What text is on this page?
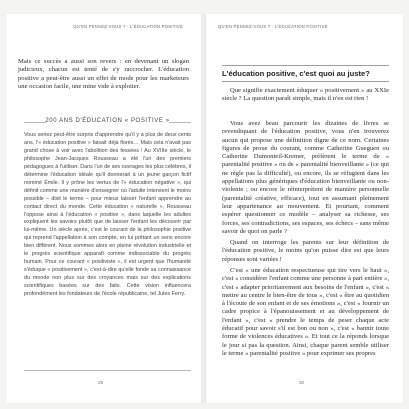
QU'EN PENSEZ-VOUS ? · L'ÉDUCATION POSITIVE

Mais ce succès a aussi son revers : en devenant un slogan judicieux, chacun est tenté de s'y raccrocher. L'éducation positive a peut-être aussi un effet de mode pour les marketeurs une occasion facile, une mine vide à exploiter.

200 ANS D'ÉDUCATION « POSITIVE »

Vous seriez peut-être surpris d'apprendre qu'il y a plus de deux cents ans, l'« éducation positive » faisait déjà florès… Mais cela n'avait pas grand chose à voir avec l'abolition des fessées ! Au XVIIIe siècle, le philosophe Jean-Jacques Rousseau a été l'un des premiers pédagogues à l'utiliser. Dans l'un de ses ouvrages les plus célèbres, il détermine l'éducation idéale qu'il donnerait à un jeune garçon fictif nommé Émile. Il y prône les vertus de l'« éducation négative », qui définit comme une manière d'enseigner où l'adulte intervient le moins possible – dixit le terme – pour mieux laisser l'enfant apprendre au contact direct du monde. Cette éducation « naturelle », Rousseau l'oppose ainsi à l'éducation « positive », dans laquelle les adultes expliquent les savoirs plutôt que de laisser l'enfant les découvrir par lui-même. Un siècle après, c'est le courant de la philosophie positive qui reprend l'appellation à son compte, en lui prêtant un sens encore bien différent. Nous sommes alors en pleine révolution industrielle et le progrès scientifique apparaît comme indissociable du progrès humain. Pour ce courant « positiviste », il est urgent que l'humanité s'éduque « positivement », c'est-à-dire qu'elle fonde sa connaissance du monde non plus sur des croyances mais sur des explications scientifiques basées sur des faits. Cette vision influencera profondément les fondateurs de l'école républicaine, tel Jules Ferry.

29
QU'EN PENSEZ-VOUS ? · L'ÉDUCATION POSITIVE
L'éducation positive, c'est quoi au juste?

Que signifie exactement éduquer « positivement » au XXIe siècle ? La question paraît simple, mais il n'en est rien !

Vous avez beau parcourir les dizaines de livres se revendiquant de l'éducation positive, vous n'en trouverez aucun qui propose une définition digne de ce nom. Certaines figures de proue du courant, comme Catherine Gueguen ou Catherine Dumonteil-Kremer, préfèrent le terme de « parentalité positive » ou de « parentalité bienveillante » (ce qui ne règle pas la difficulté), ou encore, ils se réfugient dans les appellations plus génériques d'éducation bienveillante ou non-violente ; ou encore le réinterprètent de manière personnelle (parentalité créative, efficace), tout en assumant pleinement leur appartenance au mouvement. Et pourtant, comment espérer questionner ce modèle – analyser sa richesse, ses forces, ses contradictions, ses espaces, ses échecs – sans même savoir de quoi on parle ?

Quand on interroge les parents sur leur définition de l'éducation positive, le moins qu'on puisse dire est que leurs réponses sont variées !

C'est « une éducation respectueuse qui tire vers le haut », c'est « considérer l'enfant comme une personne à part entière », c'est « adapter prioritairement aux besoins de l'enfant », c'est « mettre au centre le bien-être de tous », c'est « être au quotidien à l'écoute de son enfant et de ses émotions », c'est « fournir un cadre propice à l'épanouissement et au développement de l'enfant », c'est « prendre le temps de peser chaque acte éducatif pour savoir s'il est bon ou non », c'est « bannir toute forme de violences éducatives ». Et tout ce la réponds lorsque le jour si pas la question. Ainsi, chaque parent semble utiliser le terme « parentalité positive » pour exprimer ses propres

30
